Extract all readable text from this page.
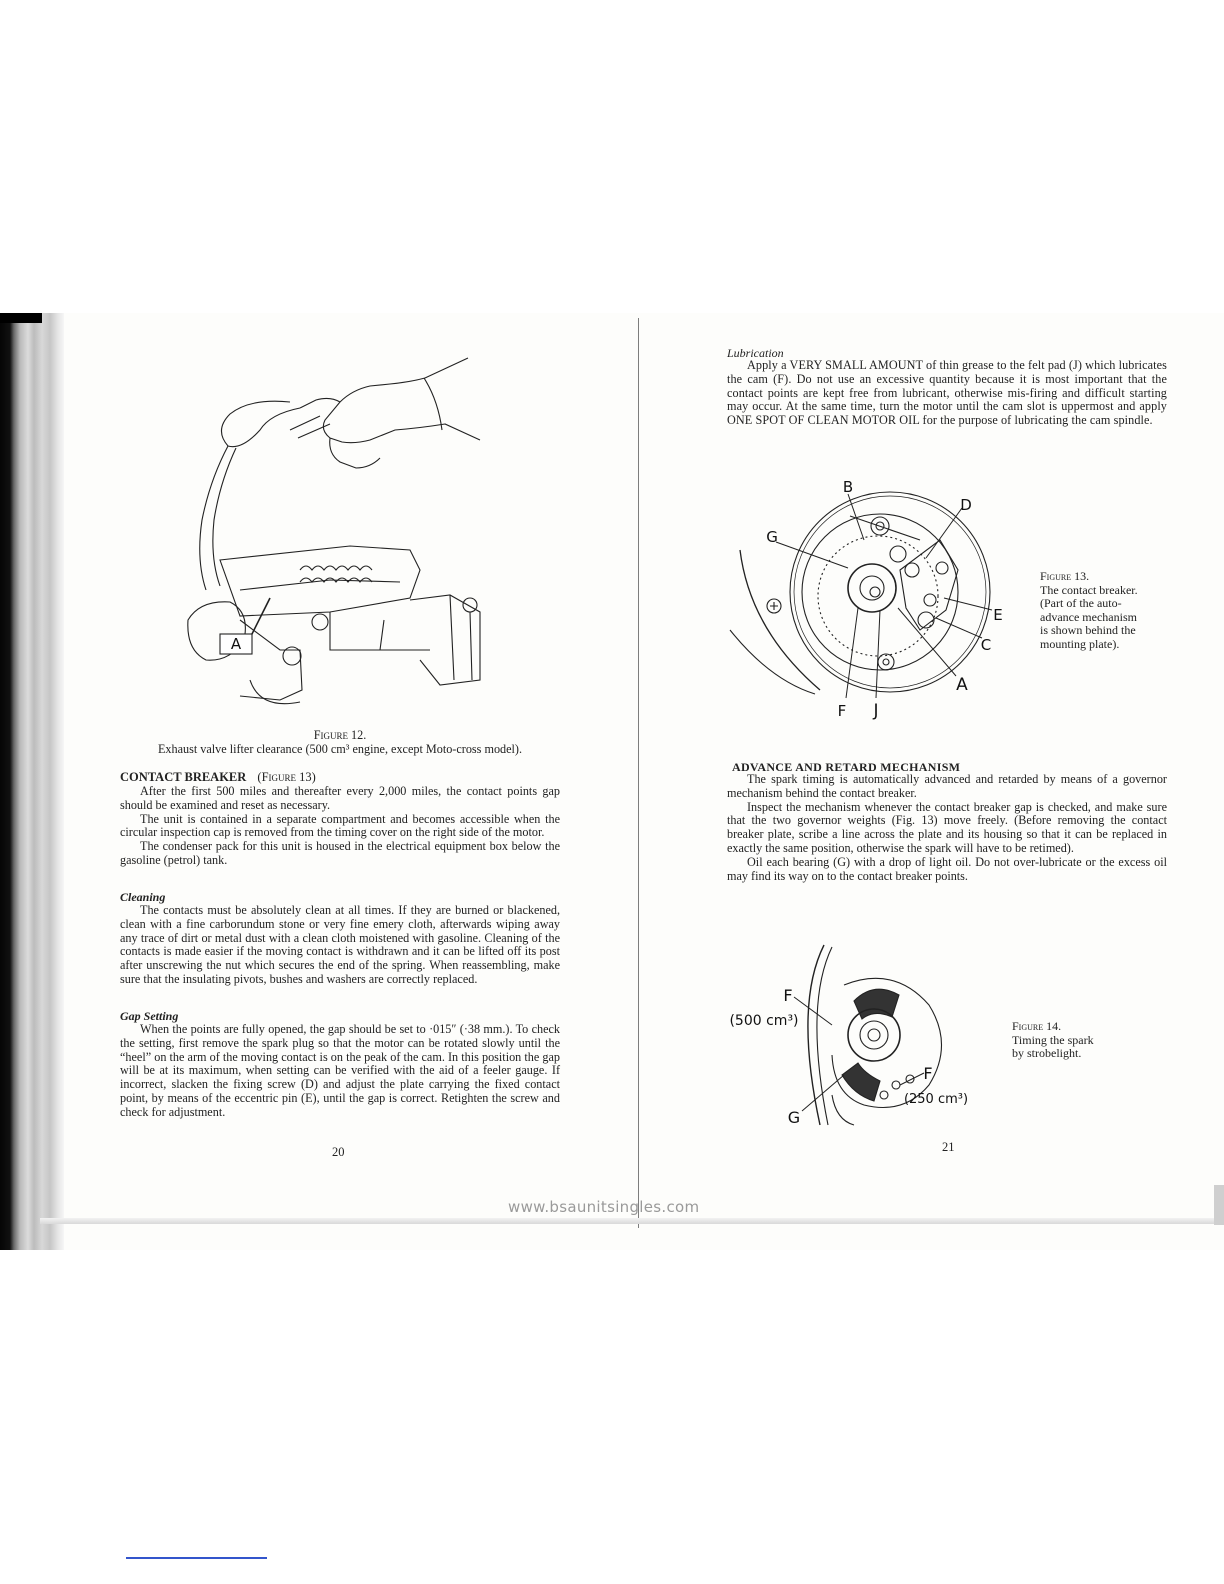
A
Figure 12.
Exhaust valve lifter clearance (500 cm³ engine, except Moto-cross model).
CONTACT BREAKER (Figure 13)

After the first 500 miles and thereafter every 2,000 miles, the contact points gap should be examined and reset as necessary.

The unit is contained in a separate compartment and becomes accessible when the circular inspection cap is removed from the timing cover on the right side of the motor.

The condenser pack for this unit is housed in the electrical equipment box below the gasoline (petrol) tank.

Cleaning

The contacts must be absolutely clean at all times. If they are burned or blackened, clean with a fine carborundum stone or very fine emery cloth, afterwards wiping away any trace of dirt or metal dust with a clean cloth moistened with gasoline. Cleaning of the contacts is made easier if the moving contact is withdrawn and it can be lifted off its post after unscrewing the nut which secures the end of the spring. When reassembling, make sure that the insulating pivots, bushes and washers are correctly replaced.

Gap Setting

When the points are fully opened, the gap should be set to ·015″ (·38 mm.). To check the setting, first remove the spark plug so that the motor can be rotated slowly until the “heel” on the arm of the moving contact is on the peak of the cam. In this position the gap will be at its maximum, when setting can be verified with the aid of a feeler gauge. If incorrect, slacken the fixing screw (D) and adjust the plate carrying the fixed contact point, by means of the eccentric pin (E), until the gap is correct. Retighten the screw and check for adjustment.

20
Lubrication

Apply a VERY SMALL AMOUNT of thin grease to the felt pad (J) which lubricates the cam (F). Do not use an excessive quantity because it is most important that the contact points are kept free from lubricant, otherwise mis-firing and difficult starting may occur. At the same time, turn the motor until the cam slot is uppermost and apply ONE SPOT OF CLEAN MOTOR OIL for the purpose of lubricating the cam spindle.

B
D
G
E
C
A
F J
Figure 13.
The contact breaker.
(Part of the auto-
advance mechanism
is shown behind the
mounting plate).
ADVANCE AND RETARD MECHANISM

The spark timing is automatically advanced and retarded by means of a governor mechanism behind the contact breaker.

Inspect the mechanism whenever the contact breaker gap is checked, and make sure that the two governor weights (Fig. 13) move freely. (Before removing the contact breaker plate, scribe a line across the plate and its housing so that it can be replaced in exactly the same position, otherwise the spark will have to be retimed).

Oil each bearing (G) with a drop of light oil. Do not over-lubricate or the excess oil may find its way on to the contact breaker points.

F
(500 cm³)
F
(250 cm³)
G
Figure 14.
Timing the spark
by strobelight.
21
www.bsaunitsingles.com
